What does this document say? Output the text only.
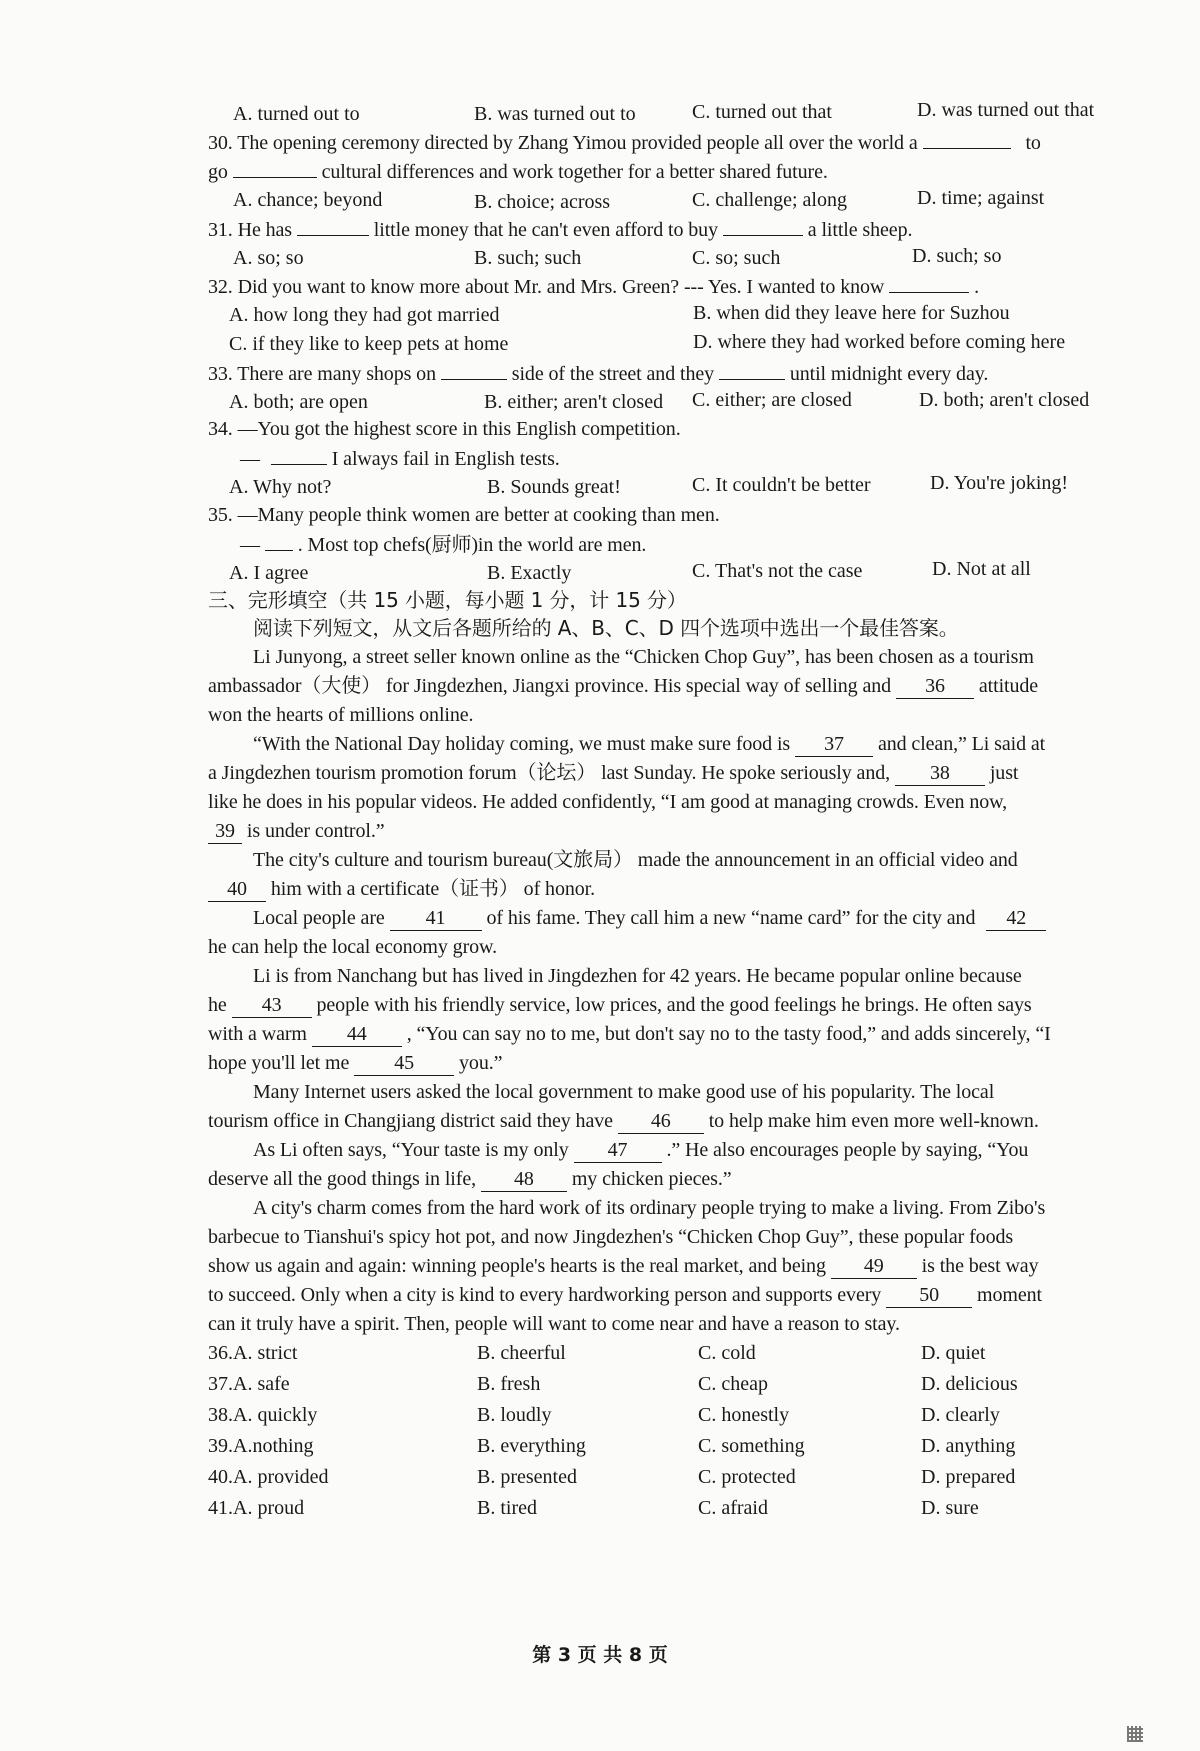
A. turned out to	B. was turned out to	C. turned out that	D. was turned out that
30. The opening ceremony directed by Zhang Yimou provided people all over the world a	to
go	cultural differences and work together for a better shared future.
A. chance; beyond	B. choice; across	C. challenge; along	D. time; against
31. He has	little money that he can't even afford to buy	a little sheep.
A. so; so	B. such; such	C. so; such	D. such; so
32. Did you want to know more about Mr. and Mrs. Green? --- Yes. I wanted to know	.
A. how long they had got married	B. when did they leave here for Suzhou
C. if they like to keep pets at home	D. where they had worked before coming here
33. There are many shops on	side of the street and they	until midnight every day.
A. both; are open	B. either; aren't closed C. either; are closed	D. both; aren't closed
34. —You got the highest score in this English competition.
—	I always fail in English tests.
A. Why not?	B. Sounds great!	C. It couldn't be better	D. You're joking!
35. —Many people think women are better at cooking than men.
— . Most top chefs(厨师)in the world are men.
A. I agree	B. Exactly	C. That's not the case	D. Not at all
三、完形填空（共 15 小题，每小题 1 分，计 15 分）
阅读下列短文，从文后各题所给的 A、B、C、D 四个选项中选出一个最佳答案。
Li Junyong, a street seller known online as the “Chicken Chop Guy”, has been chosen as a tourism
ambassador（大使） for Jingdezhen, Jiangxi province. His special way of selling and 36 attitude
won the hearts of millions online.
“With the National Day holiday coming, we must make sure food is 37 and clean,” Li said at
a Jingdezhen tourism promotion forum（论坛） last Sunday. He spoke seriously and, 38 just
like he does in his popular videos. He added confidently, “I am good at managing crowds. Even now,
39 is under control.”
The city's culture and tourism bureau(文旅局） made the announcement in an official video and
40 him with a certificate（证书） of honor.
Local people are 41 of his fame. They call him a new “name card” for the city and 42
he can help the local economy grow.
Li is from Nanchang but has lived in Jingdezhen for 42 years. He became popular online because
he 43 people with his friendly service, low prices, and the good feelings he brings. He often says
with a warm 44 , “You can say no to me, but don't say no to the tasty food,” and adds sincerely, “I
hope you'll let me 45 you.”
Many Internet users asked the local government to make good use of his popularity. The local
tourism office in Changjiang district said they have 46 to help make him even more well-known.
As Li often says, “Your taste is my only 47 .” He also encourages people by saying, “You
deserve all the good things in life, 48 my chicken pieces.”
A city's charm comes from the hard work of its ordinary people trying to make a living. From Zibo's
barbecue to Tianshui's spicy hot pot, and now Jingdezhen's “Chicken Chop Guy”, these popular foods
show us again and again: winning people's hearts is the real market, and being 49 is the best way
to succeed. Only when a city is kind to every hardworking person and supports every 50 moment
can it truly have a spirit. Then, people will want to come near and have a reason to stay.
36.A. strict	B. cheerful	C. cold	D. quiet
37.A. safe	B. fresh	C. cheap	D. delicious
38.A. quickly	B. loudly	C. honestly	D. clearly
39.A.nothing	B. everything	C. something	D. anything
40.A. provided	B. presented	C. protected	D. prepared
41.A. proud	B. tired	C. afraid	D. sure
第 3 页 共 8 页
